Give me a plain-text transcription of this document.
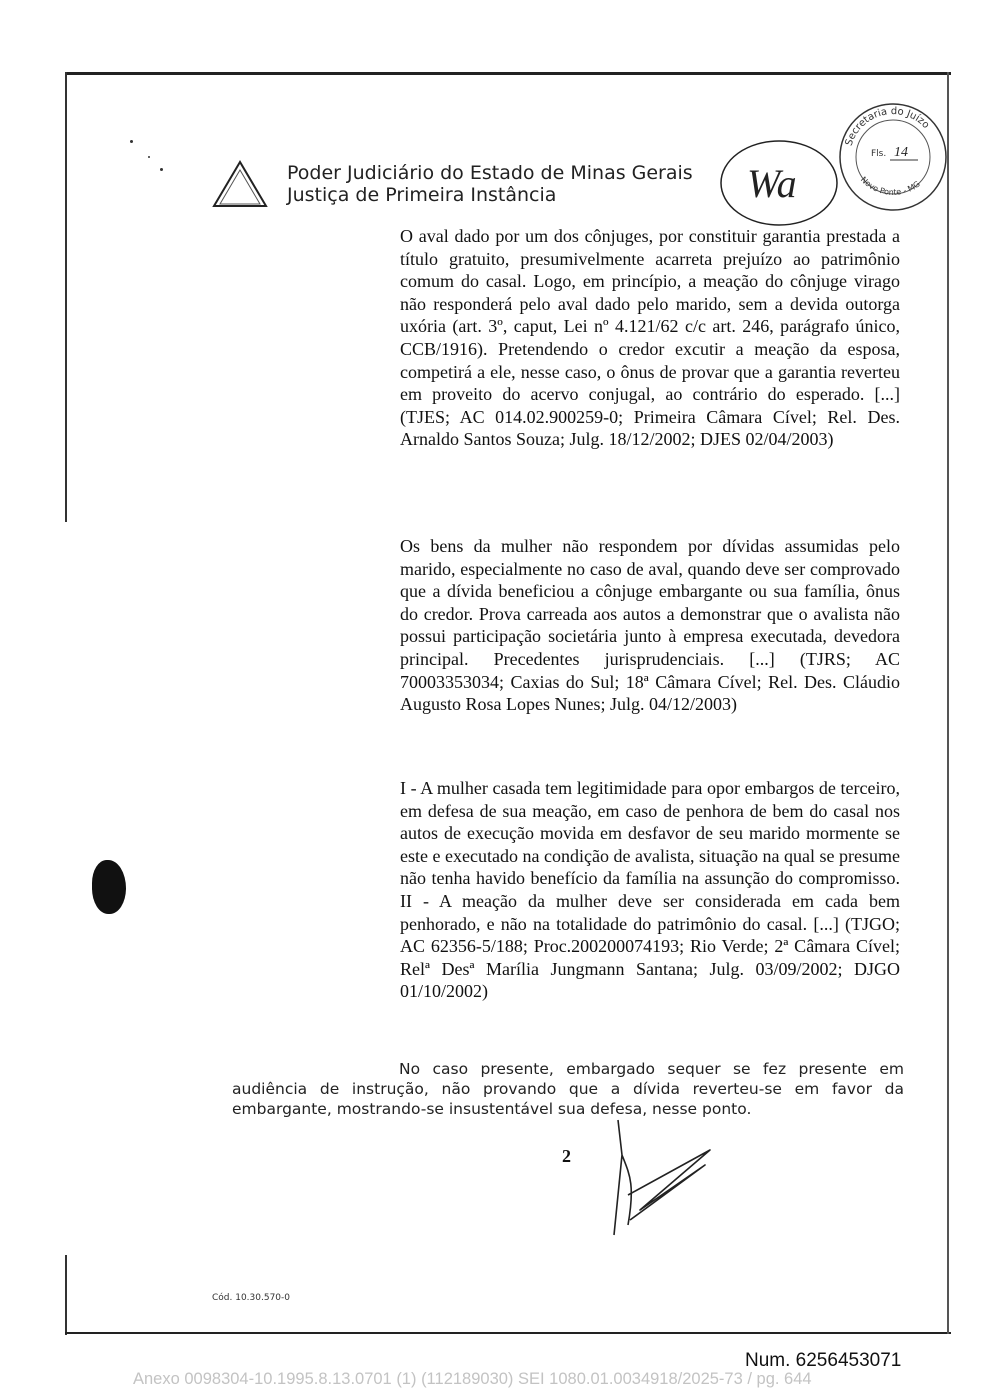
Poder Judiciário do Estado de Minas Gerais
Justiça de Primeira Instância	Wa
Secretaria do Juízo
Novo Ponte - MG
Fls. 14
O aval dado por um dos cônjuges, por constituir garantia prestada a título gratuito, presumivelmente acarreta prejuízo ao patrimônio comum do casal. Logo, em princípio, a meação do cônjuge virago não responderá pelo aval dado pelo marido, sem a devida outorga uxória (art. 3º, caput, Lei nº 4.121/62 c/c art. 246, parágrafo único, CCB/1916). Pretendendo o credor excutir a meação da esposa, competirá a ele, nesse caso, o ônus de provar que a garantia reverteu em proveito do acervo conjugal, ao contrário do esperado. [...] (TJES; AC 014.02.900259-0; Primeira Câmara Cível; Rel. Des. Arnaldo Santos Souza; Julg. 18/12/2002; DJES 02/04/2003)
Os bens da mulher não respondem por dívidas assumidas pelo marido, especialmente no caso de aval, quando deve ser comprovado que a dívida beneficiou a cônjuge embargante ou sua família, ônus do credor. Prova carreada aos autos a demonstrar que o avalista não possui participação societária junto à empresa executada, devedora principal. Precedentes jurisprudenciais. [...] (TJRS; AC 70003353034; Caxias do Sul; 18ª Câmara Cível; Rel. Des. Cláudio Augusto Rosa Lopes Nunes; Julg. 04/12/2003)
I - A mulher casada tem legitimidade para opor embargos de terceiro, em defesa de sua meação, em caso de penhora de bem do casal nos autos de execução movida em desfavor de seu marido mormente se este e executado na condição de avalista, situação na qual se presume não tenha havido benefício da família na assunção do compromisso. II - A meação da mulher deve ser considerada em cada bem penhorado, e não na totalidade do patrimônio do casal. [...] (TJGO; AC 62356-5/188; Proc.200200074193; Rio Verde; 2ª Câmara Cível; Relª Desª Marília Jungmann Santana; Julg. 03/09/2002; DJGO 01/10/2002)
No caso presente, embargado sequer se fez presente em audiência de instrução, não provando que a dívida reverteu-se em favor da embargante, mostrando-se insustentável sua defesa, nesse ponto.
2
Cód. 10.30.570-0
Num. 6256453071
Anexo 0098304-10.1995.8.13.0701 (1) (112189030) SEI 1080.01.0034918/2025-73 / pg. 644
